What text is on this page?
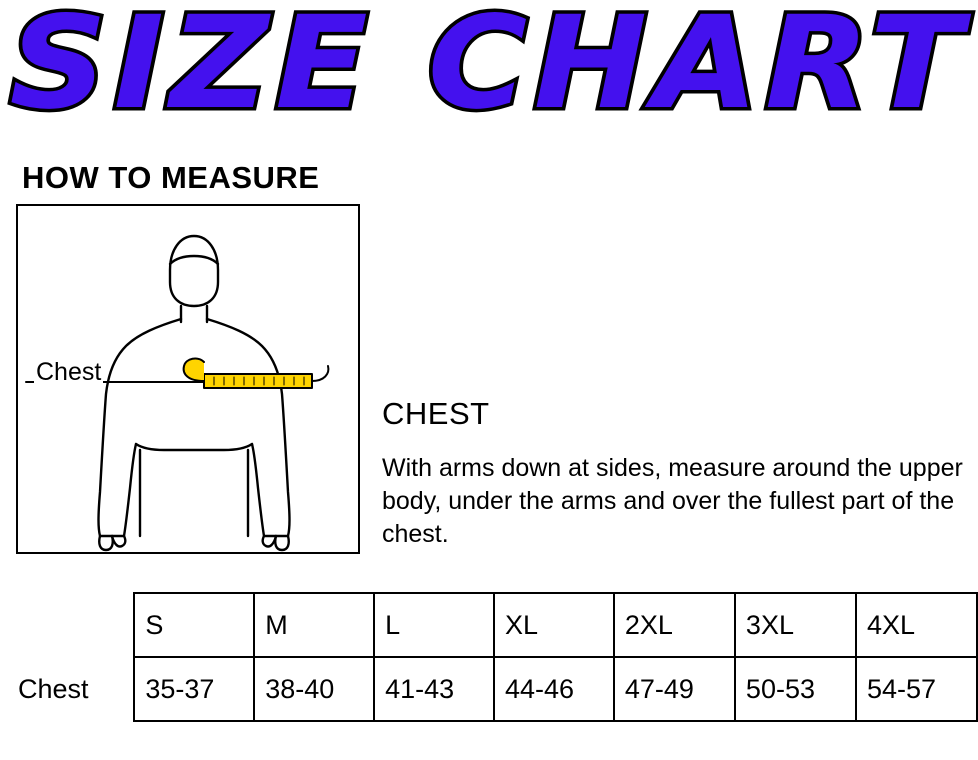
SIZE CHART
HOW TO MEASURE
Chest
CHEST
With arms down at sides, measure around the upper body, under the arms and over the fullest part of the chest.
	S	M	L	XL	2XL	3XL	4XL
Chest	35-37	38-40	41-43	44-46	47-49	50-53	54-57
